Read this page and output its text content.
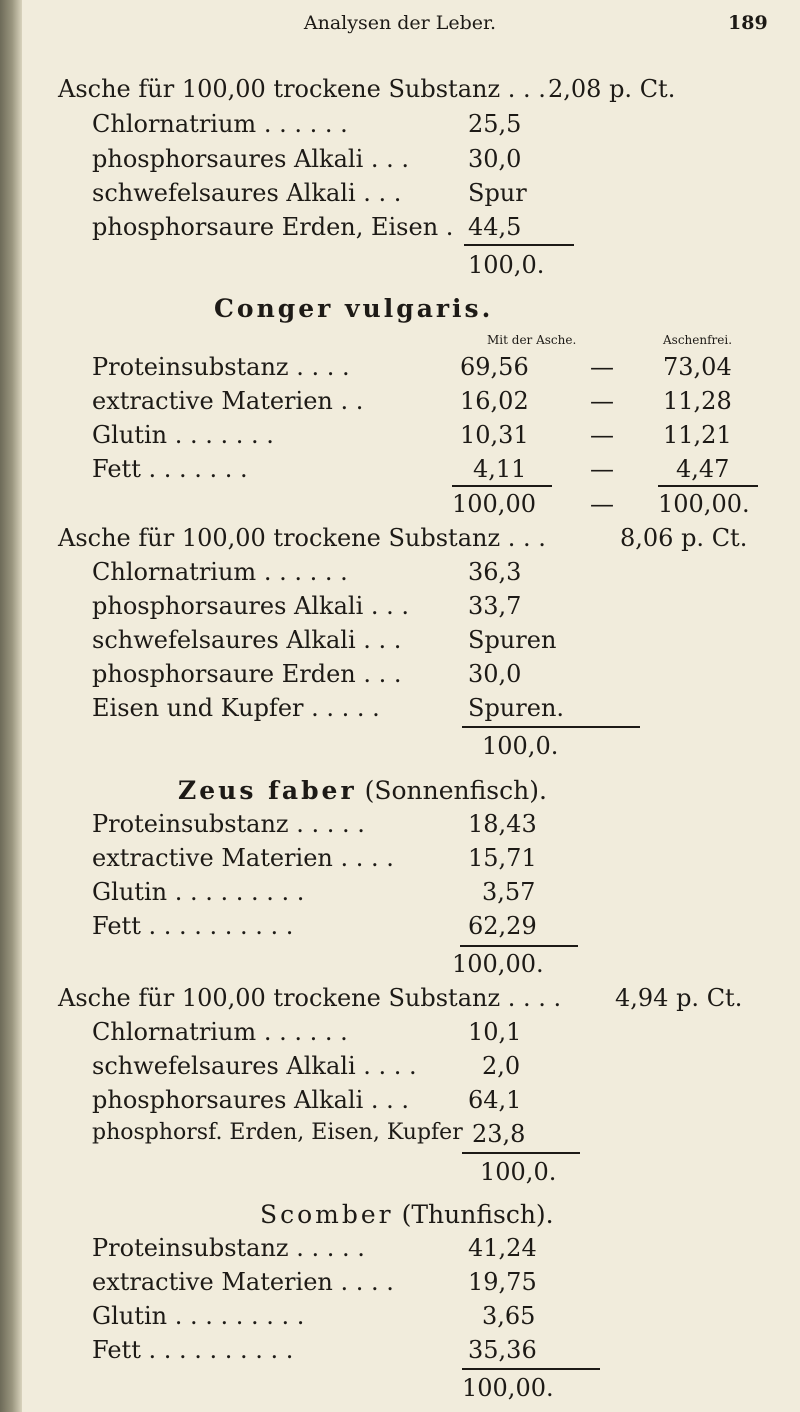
Analysen der Leber.	189
Asche für 100,00 trockene Substanz . . . 2,08 p. Ct.
Chlornatrium . . . . . .	25,5
phosphorsaures Alkali . . . 30,0
schwefelsaures Alkali . . .	Spur
phosphorsaure Erden, Eisen . 44,5
100,0.
Conger vulgaris.
Mit der Asche.	Aschenfrei.
Proteinsubstanz . . . .	69,56	— 73,04
extractive Materien . .	16,02	— 11,28
Glutin . . . . . . .	10,31	— 11,21
Fett . . . . . . .	4,11	—	4,47
100,00 — 100,00.
Asche für 100,00 trockene Substanz . . .	8,06 p. Ct.
Chlornatrium . . . . . .	36,3
phosphorsaures Alkali . . . 33,7
schwefelsaures Alkali . . .	Spuren
phosphorsaure Erden . . .	30,0
Eisen und Kupfer . . . . .	Spuren.
100,0.
Zeus faber (Sonnenfisch).
Proteinsubstanz . . . . .	18,43
extractive Materien . . . .	15,71
Glutin . . . . . . . . .	3,57
Fett . . . . . . . . . .	62,29
100,00.
Asche für 100,00 trockene Substanz . . . . 4,94 p. Ct.
Chlornatrium . . . . . .	10,1
schwefelsaures Alkali . . . .	2,0
phosphorsaures Alkali . . . 64,1
phosphorsf. Erden, Eisen, Kupfer 23,8
100,0.
Scomber (Thunfisch).
Proteinsubstanz . . . . .	41,24
extractive Materien . . . .	19,75
Glutin . . . . . . . . .	3,65
Fett . . . . . . . . . .	35,36
100,00.
